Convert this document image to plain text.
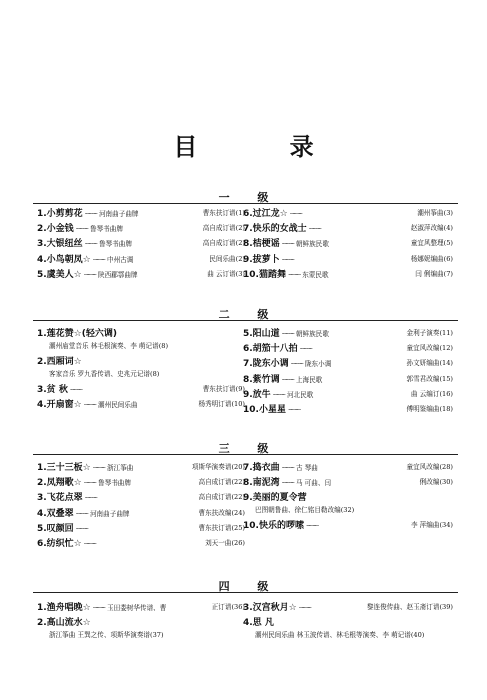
目 录
一 级
1.小剪剪花 ·········· 河南曲子曲牌	曹东扶订谱(1)
2.小金钱 ·········· 鲁琴书曲牌	高自成订谱(2)
3.大银纽丝 ·········· 鲁琴书曲牌	高自成订谱(2)
4.小鸟朝凤☆ ·········· 中州古调	民间乐曲(2)
5.虞美人☆ ·········· 陕西郿鄠曲牌	曲 云订谱(3)
6.过江龙☆ ··········	潮州筝曲(3)
7.快乐的女战士 ··········	赵淑萍改编(4)
8.桔梗谣 ·········· 朝鲜族民歌	童宜风整理(5)
9.拔萝卜 ··········	杨娜妮编曲(6)
10.猫踏舞 ·········· 东蒙民歌	闫 俐编曲(7)
二 级
1.莲花赞☆(轻六调)
潮州庙堂音乐 林毛根演奏、李 萌记谱(8)
2.西厢词☆
客家音乐 罗九香传谱、史兆元记谱(8)
3.贫 秋 ··········	曹东扶订谱(9)
4.开扇窗☆ ·········· 潮州民间乐曲	杨秀明订谱(10)
5.阳山道 ·········· 朝鲜族民歌	金利子演奏(11)
6.胡笳十八拍 ··········	童宜风改编(12)
7.陇东小调 ·········· 陇东小调	孙文妍编曲(14)
8.紫竹调 ·········· 上海民歌	郭雪君改编(15)
9.放牛 ·········· 河北民歌	曲 云编订(16)
10.小星星 ··········	傅明鉴编曲(18)
三 级
1.三十三板☆ ·········· 浙江筝曲	项斯华演奏谱(20)
2.凤翔歌☆ ·········· 鲁琴书曲牌	高自成订谱(22)
3.飞花点翠 ··········	高自成订谱(22)
4.双叠翠 ·········· 河南曲子曲牌	曹东扶改编(24)
5.叹颜回 ··········	曹东扶订谱(25)
6.纺织忙☆ ··········	刘天一曲(26)
7.捣衣曲 ·········· 古 琴曲	童宜风改编(28)
8.南泥湾 ·········· 马 可曲、闫	俐改编(30)
9.美丽的夏令营
巴图朝鲁曲、徐仁铭目勒改编(32)
10.快乐的啰嗦 ··········	李 萍编曲(34)
四 级
1.渔舟唱晚☆ ·········· 玉田娄树华传谱、曹	正订谱(36)
2.高山流水☆
浙江筝曲 王巽之传、项斯华演奏谱(37)
3.汉宫秋月☆ ··········	黎连俊传曲、赵玉斋订谱(39)
4.思 凡
潮州民间乐曲 林玉波传谱、林毛根等演奏、李 萌记谱(40)
